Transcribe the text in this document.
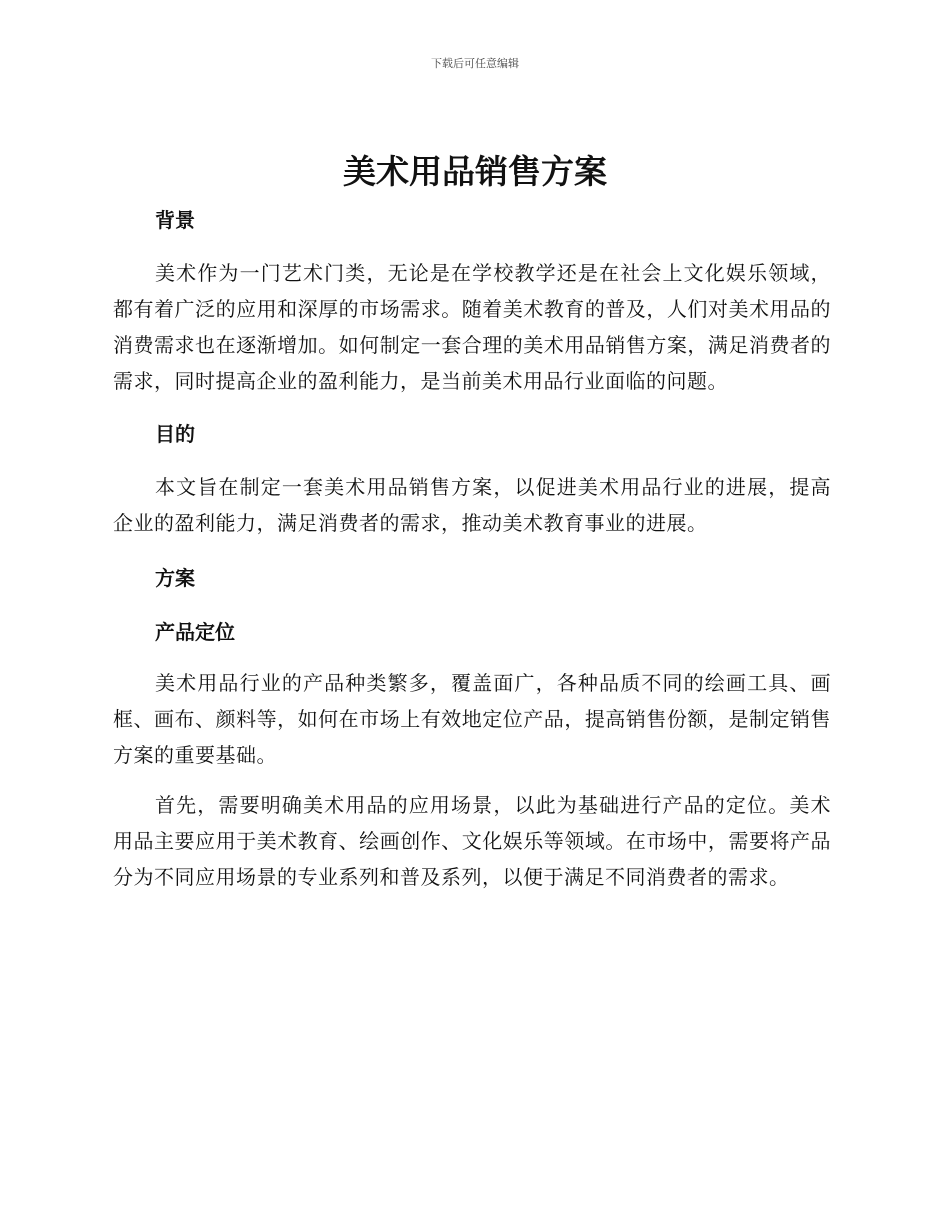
下载后可任意编辑
美术用品销售方案
背景

美术作为一门艺术门类，无论是在学校教学还是在社会上文化娱乐领域，都有着广泛的应用和深厚的市场需求。随着美术教育的普及，人们对美术用品的消费需求也在逐渐增加。如何制定一套合理的美术用品销售方案，满足消费者的需求，同时提高企业的盈利能力，是当前美术用品行业面临的问题。

目的

本文旨在制定一套美术用品销售方案，以促进美术用品行业的进展，提高企业的盈利能力，满足消费者的需求，推动美术教育事业的进展。

方案
产品定位

美术用品行业的产品种类繁多，覆盖面广，各种品质不同的绘画工具、画框、画布、颜料等，如何在市场上有效地定位产品，提高销售份额，是制定销售方案的重要基础。

首先，需要明确美术用品的应用场景，以此为基础进行产品的定位。美术用品主要应用于美术教育、绘画创作、文化娱乐等领域。在市场中，需要将产品分为不同应用场景的专业系列和普及系列，以便于满足不同消费者的需求。
